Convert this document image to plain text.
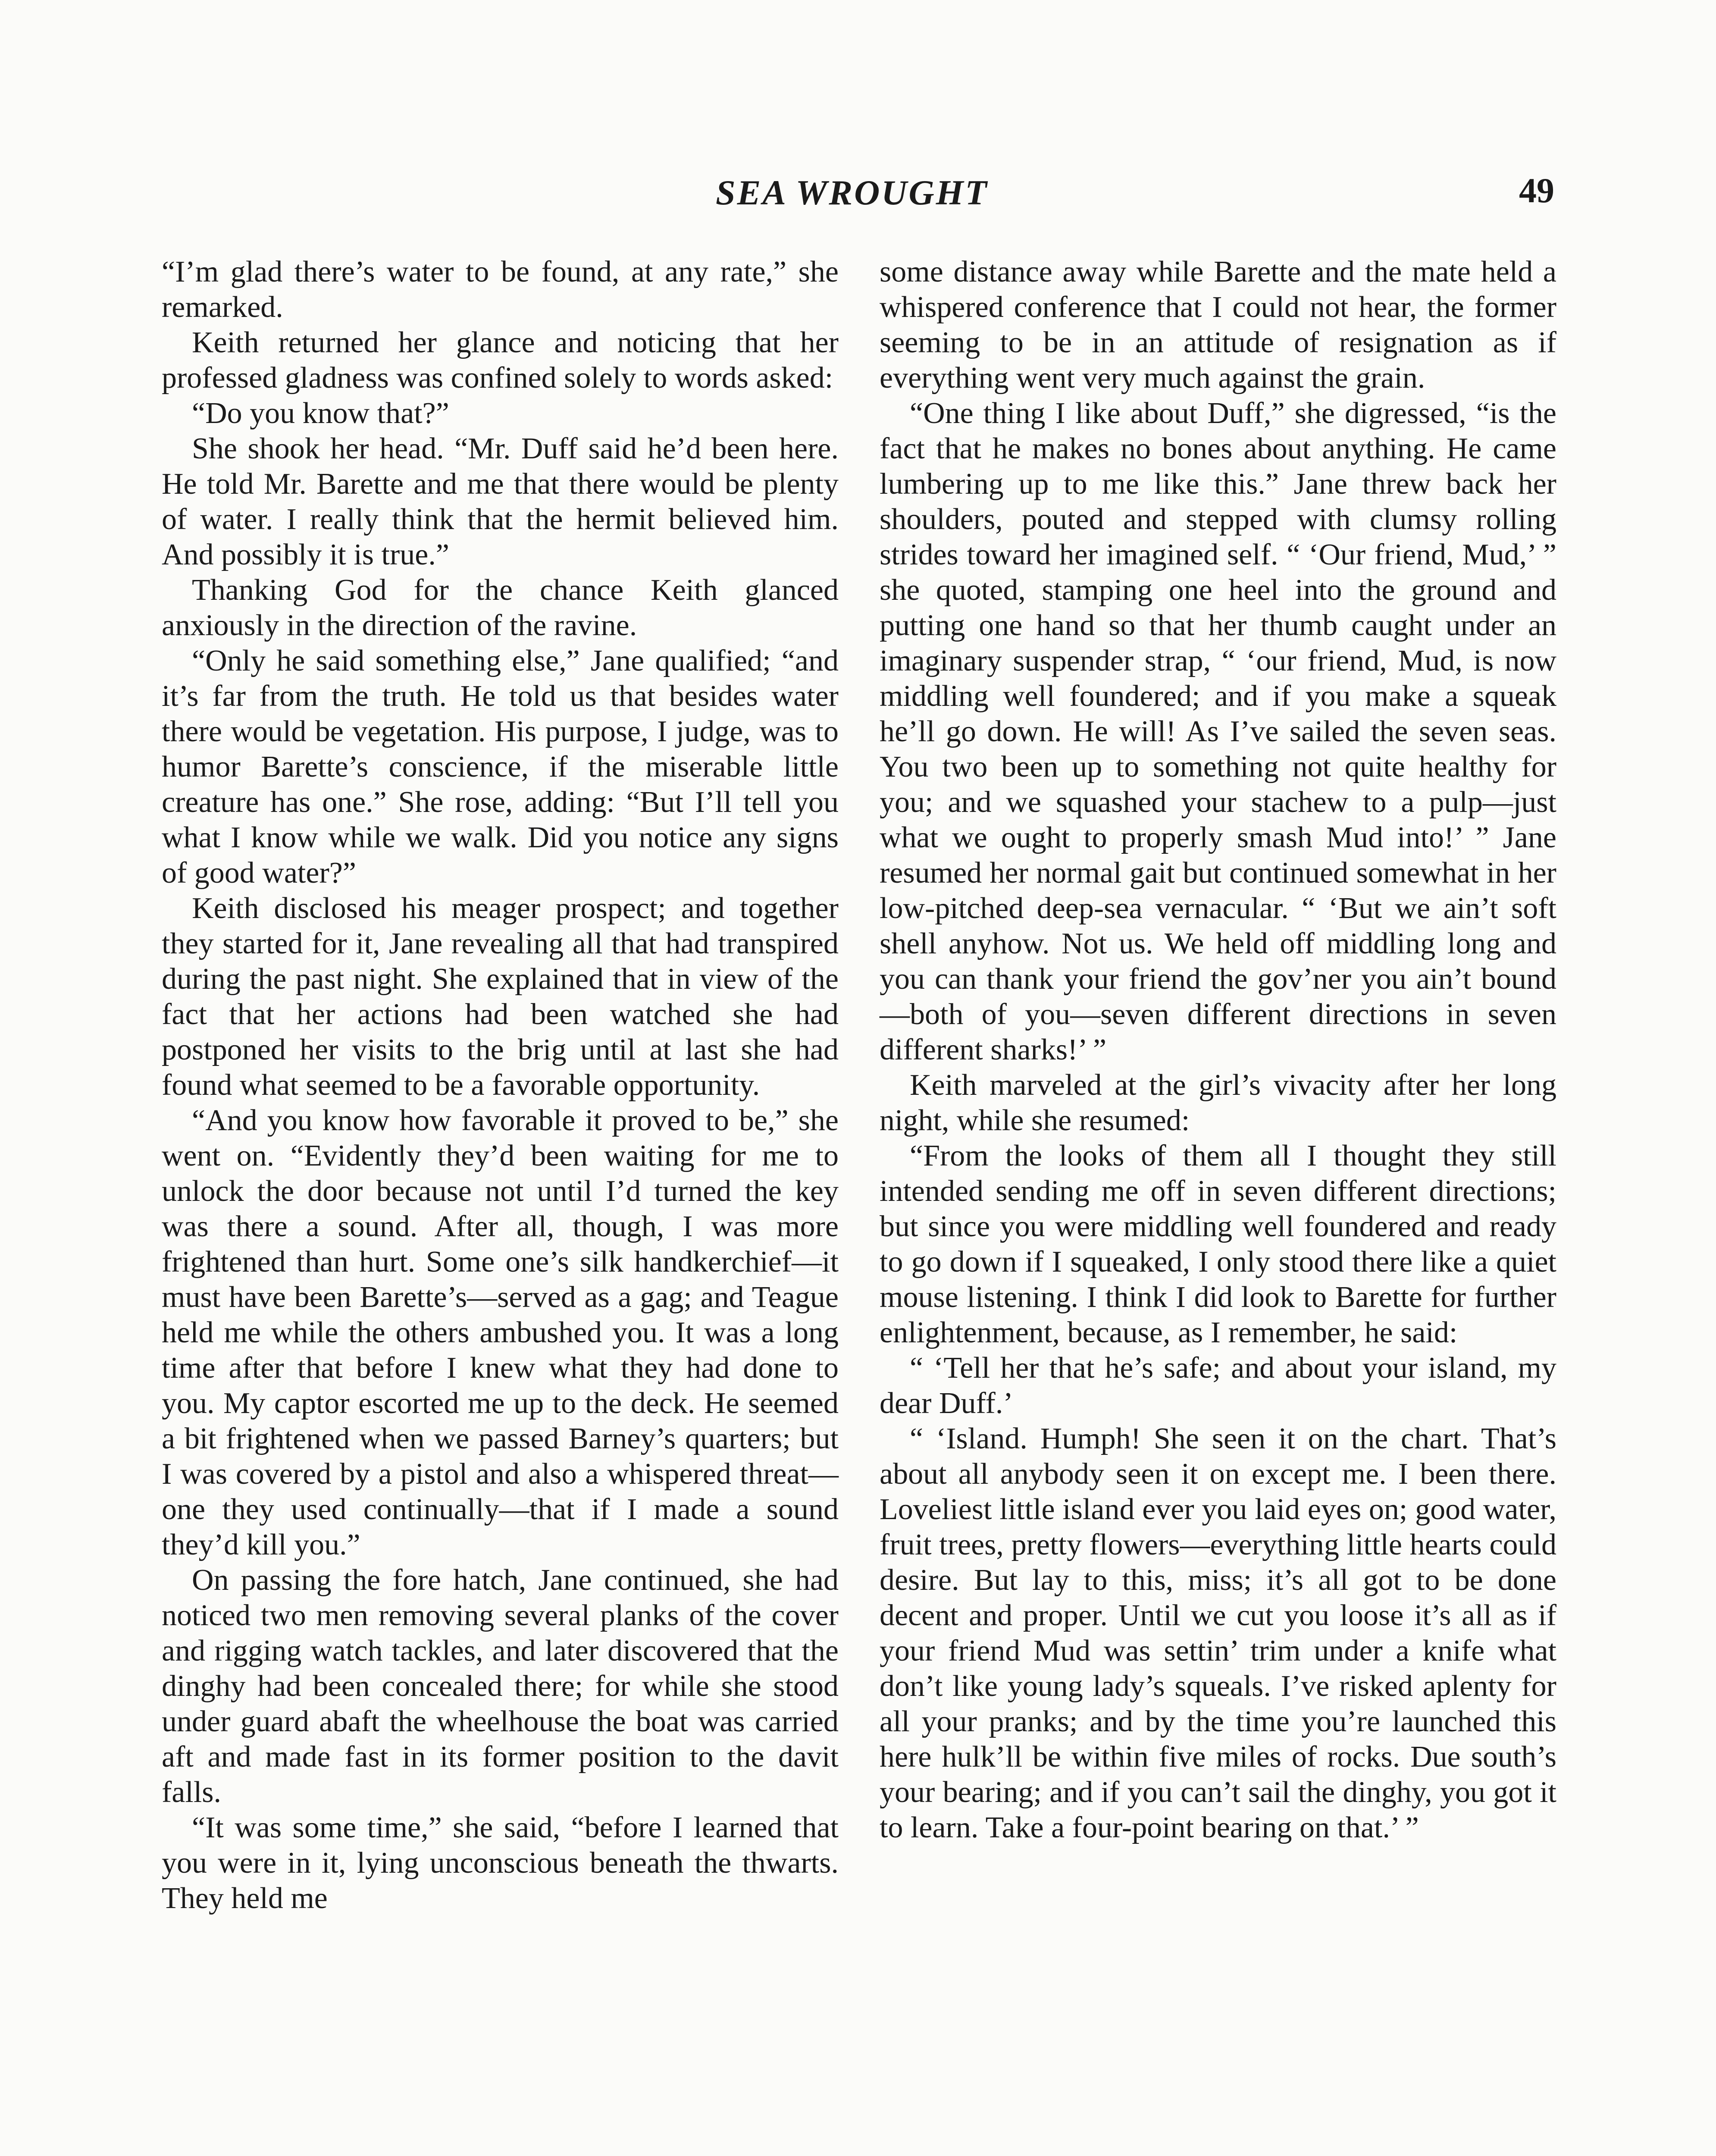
SEA WROUGHT	49

“I’m glad there’s water to be found, at any rate,” she remarked.

Keith returned her glance and noticing that her professed gladness was confined solely to words asked:

“Do you know that?”

She shook her head. “Mr. Duff said he’d been here. He told Mr. Barette and me that there would be plenty of water. I really think that the hermit believed him. And possibly it is true.”

Thanking God for the chance Keith glanced anxiously in the direction of the ravine.

“Only he said something else,” Jane qualified; “and it’s far from the truth. He told us that besides water there would be vegetation. His purpose, I judge, was to humor Barette’s conscience, if the miserable little creature has one.” She rose, adding: “But I’ll tell you what I know while we walk. Did you notice any signs of good water?”

Keith disclosed his meager prospect; and together they started for it, Jane revealing all that had transpired during the past night. She explained that in view of the fact that her actions had been watched she had postponed her visits to the brig until at last she had found what seemed to be a favorable opportunity.

“And you know how favorable it proved to be,” she went on. “Evidently they’d been waiting for me to unlock the door because not until I’d turned the key was there a sound. After all, though, I was more frightened than hurt. Some one’s silk handkerchief—it must have been Barette’s—served as a gag; and Teague held me while the others ambushed you. It was a long time after that before I knew what they had done to you. My captor escorted me up to the deck. He seemed a bit frightened when we passed Barney’s quarters; but I was covered by a pistol and also a whispered threat—one they used continually—that if I made a sound they’d kill you.”

On passing the fore hatch, Jane continued, she had noticed two men removing several planks of the cover and rigging watch tackles, and later discovered that the dinghy had been concealed there; for while she stood under guard abaft the wheelhouse the boat was carried aft and made fast in its former position to the davit falls.

“It was some time,” she said, “before I learned that you were in it, lying unconscious beneath the thwarts. They held me

some distance away while Barette and the mate held a whispered conference that I could not hear, the former seeming to be in an attitude of resignation as if everything went very much against the grain.

“One thing I like about Duff,” she digressed, “is the fact that he makes no bones about anything. He came lumbering up to me like this.” Jane threw back her shoulders, pouted and stepped with clumsy rolling strides toward her imagined self. “ ‘Our friend, Mud,’ ” she quoted, stamping one heel into the ground and putting one hand so that her thumb caught under an imaginary suspender strap, “ ‘our friend, Mud, is now middling well foundered; and if you make a squeak he’ll go down. He will! As I’ve sailed the seven seas. You two been up to something not quite healthy for you; and we squashed your stachew to a pulp—just what we ought to properly smash Mud into!’ ” Jane resumed her normal gait but continued somewhat in her low-pitched deep-sea vernacular. “ ‘But we ain’t soft shell anyhow. Not us. We held off middling long and you can thank your friend the gov’ner you ain’t bound—both of you—seven different directions in seven different sharks!’ ”

Keith marveled at the girl’s vivacity after her long night, while she resumed:

“From the looks of them all I thought they still intended sending me off in seven different directions; but since you were middling well foundered and ready to go down if I squeaked, I only stood there like a quiet mouse listening. I think I did look to Barette for further enlightenment, because, as I remember, he said:

“ ‘Tell her that he’s safe; and about your island, my dear Duff.’

“ ‘Island. Humph! She seen it on the chart. That’s about all anybody seen it on except me. I been there. Loveliest little island ever you laid eyes on; good water, fruit trees, pretty flowers—everything little hearts could desire. But lay to this, miss; it’s all got to be done decent and proper. Until we cut you loose it’s all as if your friend Mud was settin’ trim under a knife what don’t like young lady’s squeals. I’ve risked aplenty for all your pranks; and by the time you’re launched this here hulk’ll be within five miles of rocks. Due south’s your bearing; and if you can’t sail the dinghy, you got it to learn. Take a four-point bearing on that.’ ”
